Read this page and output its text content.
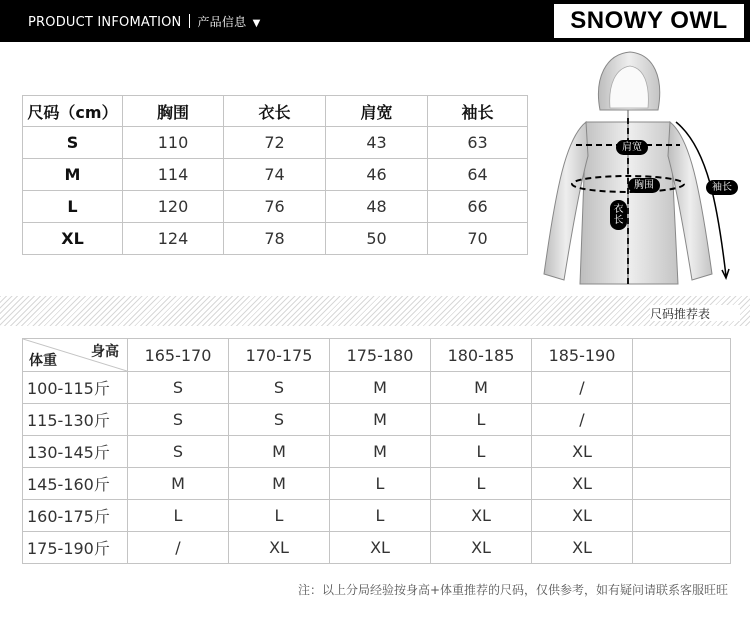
PRODUCT INFOMATION 产品信息 ▼	SNOWY OWL
尺码（cm）	胸围	衣长	肩宽	袖长
S	110	72	43	63
M	114	74	46	64
L	120	76	48	66
XL	124	78	50	70
肩宽
胸围	袖长
衣长
尺码推荐表
身高
体重	165-170	170-175	175-180	180-185	185-190	
100-115斤	S	S	M	M	/	
115-130斤	S	S	M	L	/	
130-145斤	S	M	M	L	XL	
145-160斤	M	M	L	L	XL	
160-175斤	L	L	L	XL	XL	
175-190斤	/	XL	XL	XL	XL	
注：以上分局经验按身高+体重推荐的尺码，仅供参考，如有疑问请联系客服旺旺
